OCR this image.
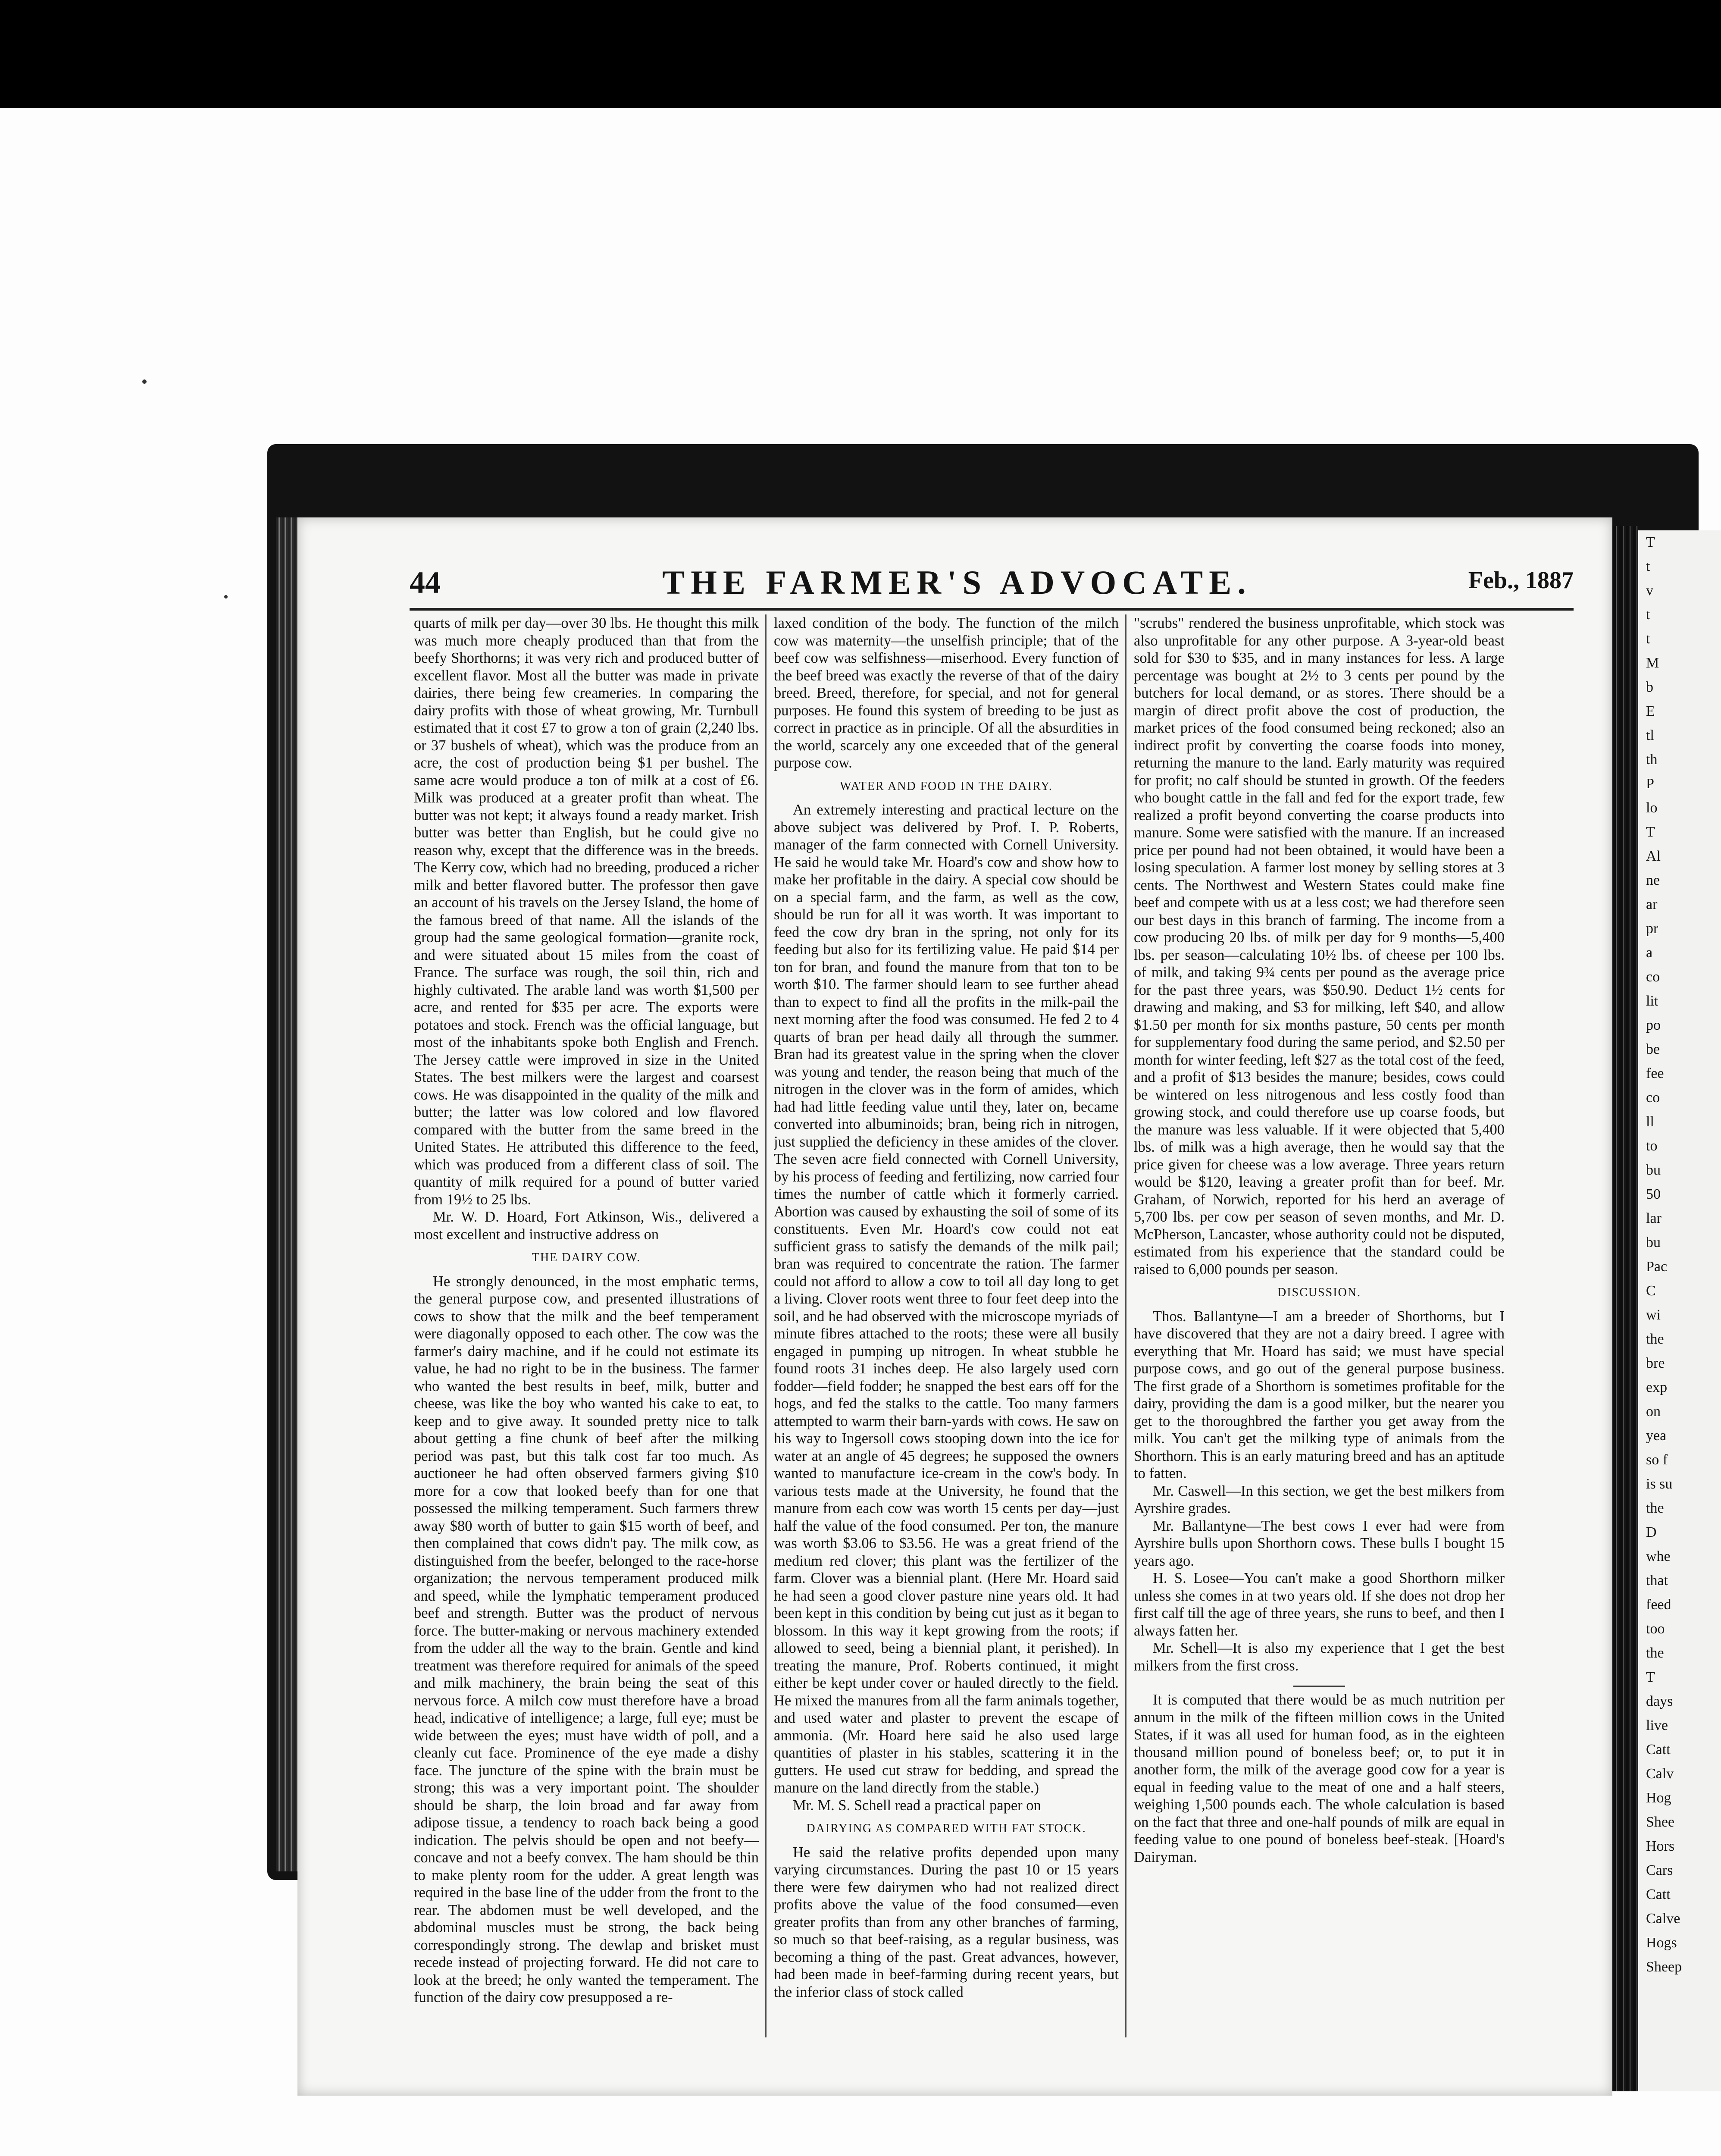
T
t
v
t
t
M
b
E
tl
th
P
lo
T
Al
ne
ar
pr
a
co
lit
po
be
fee
co
ll
to
bu
50
lar
bu
Pac
C
wi
the
bre
exp
on
yea
so f
is su
the
D
whe
that
feed
too
the
T
days
live
Catt
Calv
Hog
Shee
Hors
Cars
Catt
Calve
Hogs
Sheep
44	THE FARMER'S ADVOCATE.	Feb., 1887

quarts of milk per day—over 30 lbs. He thought this milk was much more cheaply produced than that from the beefy Shorthorns; it was very rich and produced butter of excellent flavor. Most all the butter was made in private dairies, there being few creameries. In comparing the dairy profits with those of wheat growing, Mr. Turnbull estimated that it cost £7 to grow a ton of grain (2,240 lbs. or 37 bushels of wheat), which was the produce from an acre, the cost of production being $1 per bushel. The same acre would produce a ton of milk at a cost of £6. Milk was produced at a greater profit than wheat. The butter was not kept; it always found a ready market. Irish butter was better than English, but he could give no reason why, except that the difference was in the breeds. The Kerry cow, which had no breeding, produced a richer milk and better flavored butter. The professor then gave an account of his travels on the Jersey Island, the home of the famous breed of that name. All the islands of the group had the same geological formation—granite rock, and were situated about 15 miles from the coast of France. The surface was rough, the soil thin, rich and highly cultivated. The arable land was worth $1,500 per acre, and rented for $35 per acre. The exports were potatoes and stock. French was the official language, but most of the inhabitants spoke both English and French. The Jersey cattle were improved in size in the United States. The best milkers were the largest and coarsest cows. He was disappointed in the quality of the milk and butter; the latter was low colored and low flavored compared with the butter from the same breed in the United States. He attributed this difference to the feed, which was produced from a different class of soil. The quantity of milk required for a pound of butter varied from 19½ to 25 lbs.

Mr. W. D. Hoard, Fort Atkinson, Wis., delivered a most excellent and instructive address on

THE DAIRY COW.

He strongly denounced, in the most emphatic terms, the general purpose cow, and presented illustrations of cows to show that the milk and the beef temperament were diagonally opposed to each other. The cow was the farmer's dairy machine, and if he could not estimate its value, he had no right to be in the business. The farmer who wanted the best results in beef, milk, butter and cheese, was like the boy who wanted his cake to eat, to keep and to give away. It sounded pretty nice to talk about getting a fine chunk of beef after the milking period was past, but this talk cost far too much. As auctioneer he had often observed farmers giving $10 more for a cow that looked beefy than for one that possessed the milking temperament. Such farmers threw away $80 worth of butter to gain $15 worth of beef, and then complained that cows didn't pay. The milk cow, as distinguished from the beefer, belonged to the race-horse organization; the nervous temperament produced milk and speed, while the lymphatic temperament produced beef and strength. Butter was the product of nervous force. The butter-making or nervous machinery extended from the udder all the way to the brain. Gentle and kind treatment was therefore required for animals of the speed and milk machinery, the brain being the seat of this nervous force. A milch cow must therefore have a broad head, indicative of intelligence; a large, full eye; must be wide between the eyes; must have width of poll, and a cleanly cut face. Prominence of the eye made a dishy face. The juncture of the spine with the brain must be strong; this was a very important point. The shoulder should be sharp, the loin broad and far away from adipose tissue, a tendency to roach back being a good indication. The pelvis should be open and not beefy—concave and not a beefy convex. The ham should be thin to make plenty room for the udder. A great length was required in the base line of the udder from the front to the rear. The abdomen must be well developed, and the abdominal muscles must be strong, the back being correspondingly strong. The dewlap and brisket must recede instead of projecting forward. He did not care to look at the breed; he only wanted the temperament. The function of the dairy cow presupposed a re-

laxed condition of the body. The function of the milch cow was maternity—the unselfish principle; that of the beef cow was selfishness—miserhood. Every function of the beef breed was exactly the reverse of that of the dairy breed. Breed, therefore, for special, and not for general purposes. He found this system of breeding to be just as correct in practice as in principle. Of all the absurdities in the world, scarcely any one exceeded that of the general purpose cow.

WATER AND FOOD IN THE DAIRY.

An extremely interesting and practical lecture on the above subject was delivered by Prof. I. P. Roberts, manager of the farm connected with Cornell University. He said he would take Mr. Hoard's cow and show how to make her profitable in the dairy. A special cow should be on a special farm, and the farm, as well as the cow, should be run for all it was worth. It was important to feed the cow dry bran in the spring, not only for its feeding but also for its fertilizing value. He paid $14 per ton for bran, and found the manure from that ton to be worth $10. The farmer should learn to see further ahead than to expect to find all the profits in the milk-pail the next morning after the food was consumed. He fed 2 to 4 quarts of bran per head daily all through the summer. Bran had its greatest value in the spring when the clover was young and tender, the reason being that much of the nitrogen in the clover was in the form of amides, which had had little feeding value until they, later on, became converted into albuminoids; bran, being rich in nitrogen, just supplied the deficiency in these amides of the clover. The seven acre field connected with Cornell University, by his process of feeding and fertilizing, now carried four times the number of cattle which it formerly carried. Abortion was caused by exhausting the soil of some of its constituents. Even Mr. Hoard's cow could not eat sufficient grass to satisfy the demands of the milk pail; bran was required to concentrate the ration. The farmer could not afford to allow a cow to toil all day long to get a living. Clover roots went three to four feet deep into the soil, and he had observed with the microscope myriads of minute fibres attached to the roots; these were all busily engaged in pumping up nitrogen. In wheat stubble he found roots 31 inches deep. He also largely used corn fodder—field fodder; he snapped the best ears off for the hogs, and fed the stalks to the cattle. Too many farmers attempted to warm their barn-yards with cows. He saw on his way to Ingersoll cows stooping down into the ice for water at an angle of 45 degrees; he supposed the owners wanted to manufacture ice-cream in the cow's body. In various tests made at the University, he found that the manure from each cow was worth 15 cents per day—just half the value of the food consumed. Per ton, the manure was worth $3.06 to $3.56. He was a great friend of the medium red clover; this plant was the fertilizer of the farm. Clover was a biennial plant. (Here Mr. Hoard said he had seen a good clover pasture nine years old. It had been kept in this condition by being cut just as it began to blossom. In this way it kept growing from the roots; if allowed to seed, being a biennial plant, it perished). In treating the manure, Prof. Roberts continued, it might either be kept under cover or hauled directly to the field. He mixed the manures from all the farm animals together, and used water and plaster to prevent the escape of ammonia. (Mr. Hoard here said he also used large quantities of plaster in his stables, scattering it in the gutters. He used cut straw for bedding, and spread the manure on the land directly from the stable.)

Mr. M. S. Schell read a practical paper on

DAIRYING AS COMPARED WITH FAT STOCK.

He said the relative profits depended upon many varying circumstances. During the past 10 or 15 years there were few dairymen who had not realized direct profits above the value of the food consumed—even greater profits than from any other branches of farming, so much so that beef-raising, as a regular business, was becoming a thing of the past. Great advances, however, had been made in beef-farming during recent years, but the inferior class of stock called

"scrubs" rendered the business unprofitable, which stock was also unprofitable for any other purpose. A 3-year-old beast sold for $30 to $35, and in many instances for less. A large percentage was bought at 2½ to 3 cents per pound by the butchers for local demand, or as stores. There should be a margin of direct profit above the cost of production, the market prices of the food consumed being reckoned; also an indirect profit by converting the coarse foods into money, returning the manure to the land. Early maturity was required for profit; no calf should be stunted in growth. Of the feeders who bought cattle in the fall and fed for the export trade, few realized a profit beyond converting the coarse products into manure. Some were satisfied with the manure. If an increased price per pound had not been obtained, it would have been a losing speculation. A farmer lost money by selling stores at 3 cents. The Northwest and Western States could make fine beef and compete with us at a less cost; we had therefore seen our best days in this branch of farming. The income from a cow producing 20 lbs. of milk per day for 9 months—5,400 lbs. per season—calculating 10½ lbs. of cheese per 100 lbs. of milk, and taking 9¾ cents per pound as the average price for the past three years, was $50.90. Deduct 1½ cents for drawing and making, and $3 for milking, left $40, and allow $1.50 per month for six months pasture, 50 cents per month for supplementary food during the same period, and $2.50 per month for winter feeding, left $27 as the total cost of the feed, and a profit of $13 besides the manure; besides, cows could be wintered on less nitrogenous and less costly food than growing stock, and could therefore use up coarse foods, but the manure was less valuable. If it were objected that 5,400 lbs. of milk was a high average, then he would say that the price given for cheese was a low average. Three years return would be $120, leaving a greater profit than for beef. Mr. Graham, of Norwich, reported for his herd an average of 5,700 lbs. per cow per season of seven months, and Mr. D. McPherson, Lancaster, whose authority could not be disputed, estimated from his experience that the standard could be raised to 6,000 pounds per season.

DISCUSSION.

Thos. Ballantyne—I am a breeder of Shorthorns, but I have discovered that they are not a dairy breed. I agree with everything that Mr. Hoard has said; we must have special purpose cows, and go out of the general purpose business. The first grade of a Shorthorn is sometimes profitable for the dairy, providing the dam is a good milker, but the nearer you get to the thoroughbred the farther you get away from the milk. You can't get the milking type of animals from the Shorthorn. This is an early maturing breed and has an aptitude to fatten.

Mr. Caswell—In this section, we get the best milkers from Ayrshire grades.

Mr. Ballantyne—The best cows I ever had were from Ayrshire bulls upon Shorthorn cows. These bulls I bought 15 years ago.

H. S. Losee—You can't make a good Shorthorn milker unless she comes in at two years old. If she does not drop her first calf till the age of three years, she runs to beef, and then I always fatten her.

Mr. Schell—It is also my experience that I get the best milkers from the first cross.

It is computed that there would be as much nutrition per annum in the milk of the fifteen million cows in the United States, if it was all used for human food, as in the eighteen thousand million pound of boneless beef; or, to put it in another form, the milk of the average good cow for a year is equal in feeding value to the meat of one and a half steers, weighing 1,500 pounds each. The whole calculation is based on the fact that three and one-half pounds of milk are equal in feeding value to one pound of boneless beef-steak. [Hoard's Dairyman.
